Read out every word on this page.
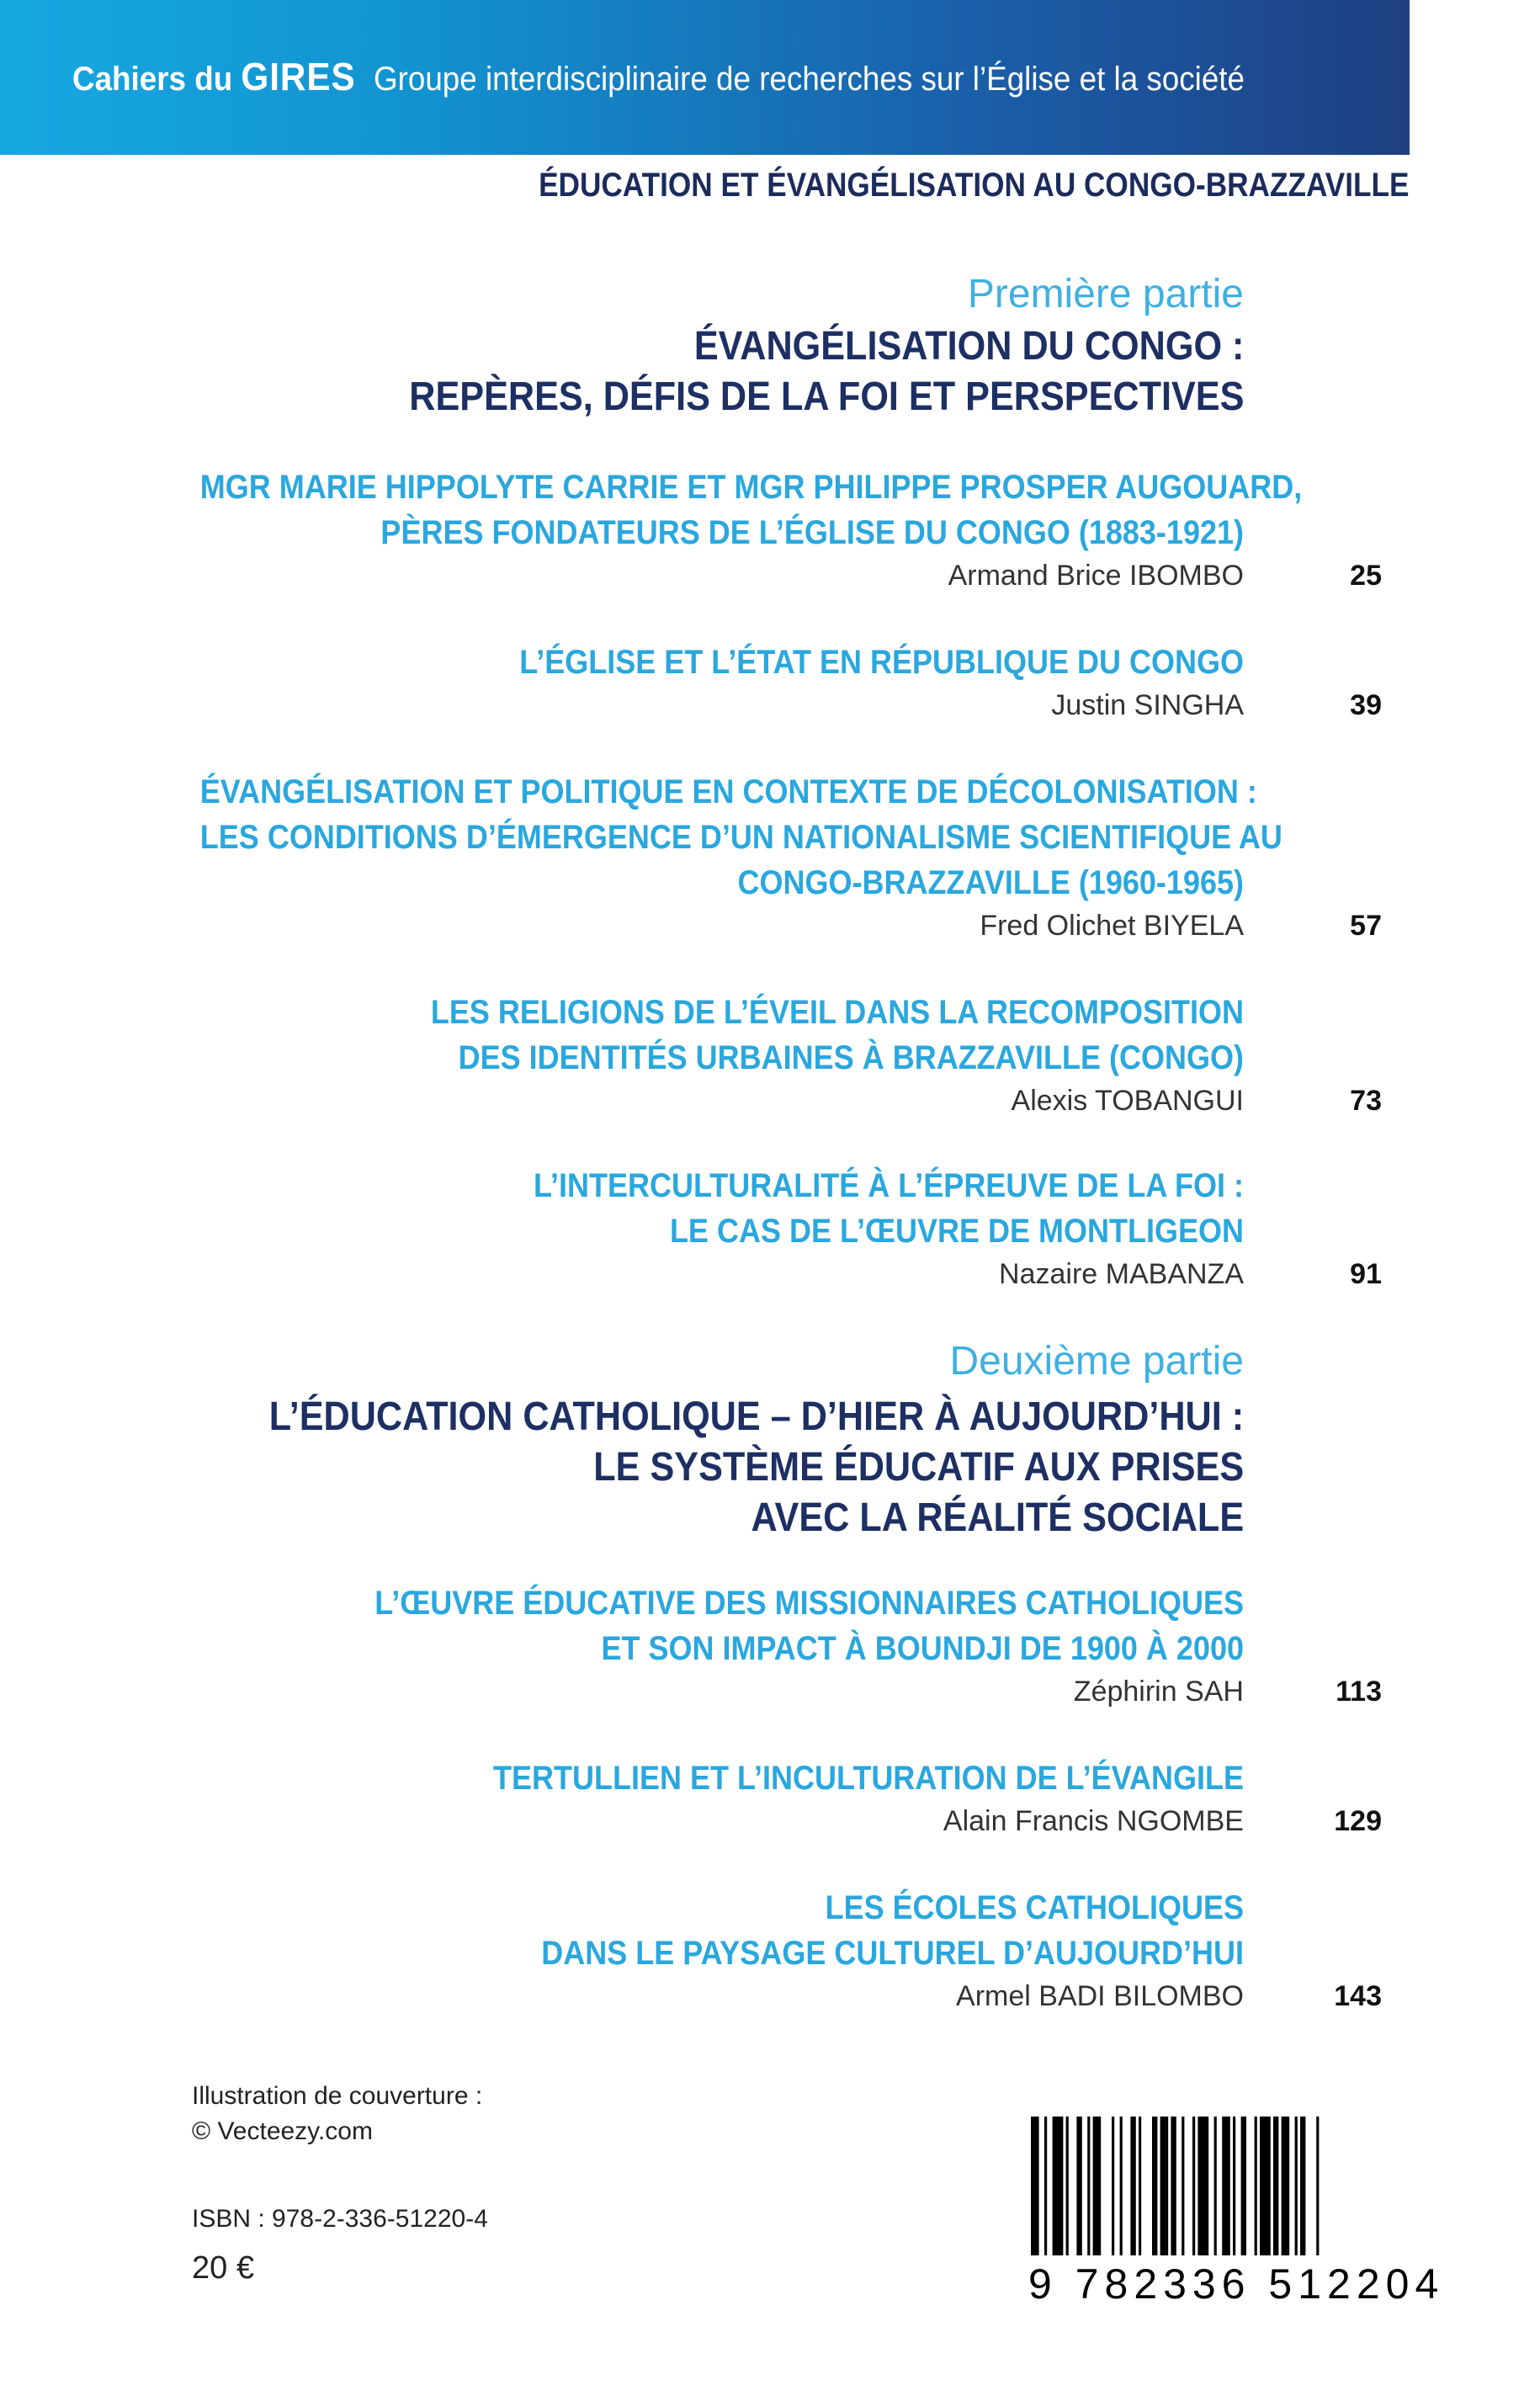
Cahiers du GIRES Groupe interdisciplinaire de recherches sur l’Église et la société
ÉDUCATION ET ÉVANGÉLISATION AU CONGO-BRAZZAVILLE
Première partie
ÉVANGÉLISATION DU CONGO :
REPÈRES, DÉFIS DE LA FOI ET PERSPECTIVES
MGR MARIE HIPPOLYTE CARRIE ET MGR PHILIPPE PROSPER AUGOUARD,
PÈRES FONDATEURS DE L’ÉGLISE DU CONGO (1883-1921)
Armand Brice IBOMBO	25
L’ÉGLISE ET L’ÉTAT EN RÉPUBLIQUE DU CONGO
Justin SINGHA	39
ÉVANGÉLISATION ET POLITIQUE EN CONTEXTE DE DÉCOLONISATION :
LES CONDITIONS D’ÉMERGENCE D’UN NATIONALISME SCIENTIFIQUE AU
CONGO-BRAZZAVILLE (1960-1965)
Fred Olichet BIYELA	57
LES RELIGIONS DE L’ÉVEIL DANS LA RECOMPOSITION
DES IDENTITÉS URBAINES À BRAZZAVILLE (CONGO)
Alexis TOBANGUI	73
L’INTERCULTURALITÉ À L’ÉPREUVE DE LA FOI :
LE CAS DE L’ŒUVRE DE MONTLIGEON
Nazaire MABANZA	91
Deuxième partie
L’ÉDUCATION CATHOLIQUE – D’HIER À AUJOURD’HUI :
LE SYSTÈME ÉDUCATIF AUX PRISES
AVEC LA RÉALITÉ SOCIALE
L’ŒUVRE ÉDUCATIVE DES MISSIONNAIRES CATHOLIQUES
ET SON IMPACT À BOUNDJI DE 1900 À 2000
Zéphirin SAH	113
TERTULLIEN ET L’INCULTURATION DE L’ÉVANGILE
Alain Francis NGOMBE	129
LES ÉCOLES CATHOLIQUES
DANS LE PAYSAGE CULTUREL D’AUJOURD’HUI
Armel BADI BILOMBO	143
Illustration de couverture :
© Vecteezy.com
ISBN : 978-2-336-51220-4
20 €	9 782336 512204
